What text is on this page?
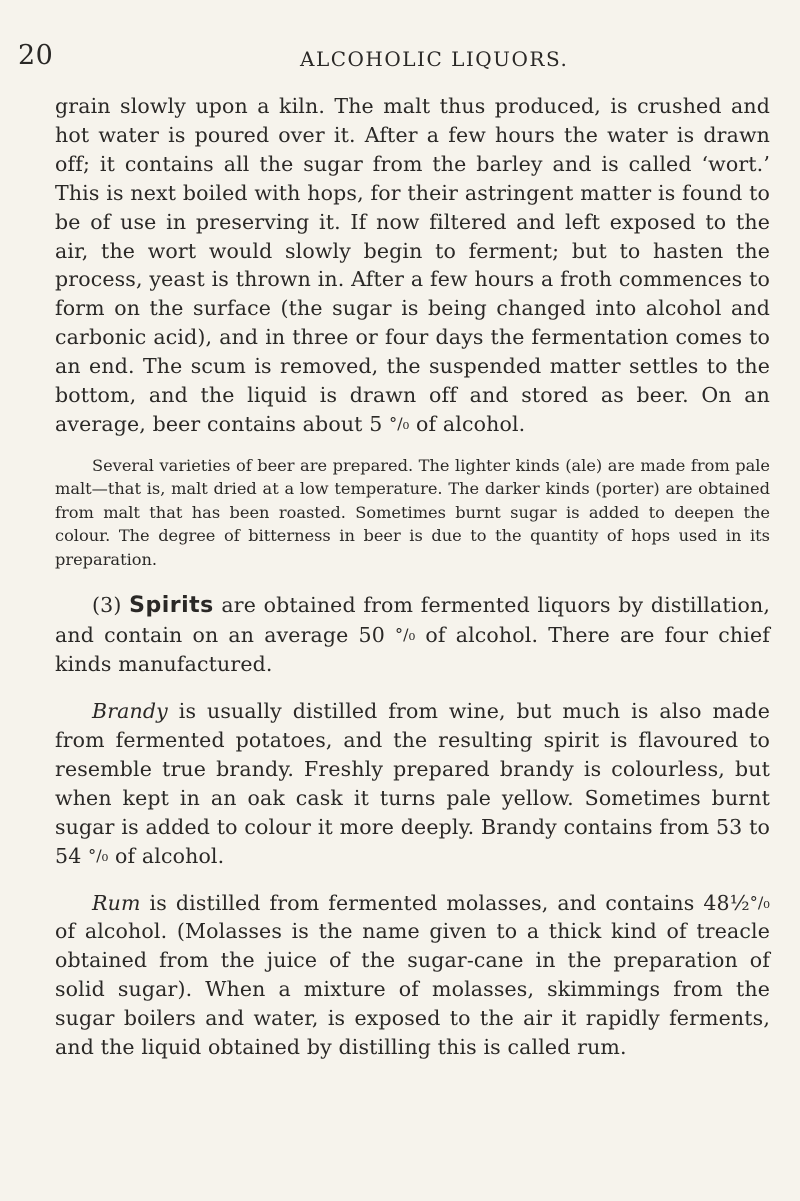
20	ALCOHOLIC LIQUORS.

grain slowly upon a kiln. The malt thus produced, is crushed and hot water is poured over it. After a few hours the water is drawn off; it contains all the sugar from the barley and is called ‘wort.’ This is next boiled with hops, for their astringent matter is found to be of use in preserving it. If now filtered and left exposed to the air, the wort would slowly begin to ferment; but to hasten the process, yeast is thrown in. After a few hours a froth commences to form on the surface (the sugar is being changed into alcohol and carbonic acid), and in three or four days the fermentation comes to an end. The scum is removed, the suspended matter settles to the bottom, and the liquid is drawn off and stored as beer. On an average, beer contains about 5 °/₀ of alcohol.

Several varieties of beer are prepared. The lighter kinds (ale) are made from pale malt—that is, malt dried at a low temperature. The darker kinds (porter) are obtained from malt that has been roasted. Sometimes burnt sugar is added to deepen the colour. The degree of bitterness in beer is due to the quantity of hops used in its preparation.

(3) Spirits are obtained from fermented liquors by distillation, and contain on an average 50 °/₀ of alcohol. There are four chief kinds manufactured.

Brandy is usually distilled from wine, but much is also made from fermented potatoes, and the resulting spirit is flavoured to resemble true brandy. Freshly prepared brandy is colourless, but when kept in an oak cask it turns pale yellow. Sometimes burnt sugar is added to colour it more deeply. Brandy contains from 53 to 54 °/₀ of alcohol.

Rum is distilled from fermented molasses, and contains 48½°/₀ of alcohol. (Molasses is the name given to a thick kind of treacle obtained from the juice of the sugar-cane in the preparation of solid sugar). When a mixture of molasses, skimmings from the sugar boilers and water, is exposed to the air it rapidly ferments, and the liquid obtained by distilling this is called rum.
